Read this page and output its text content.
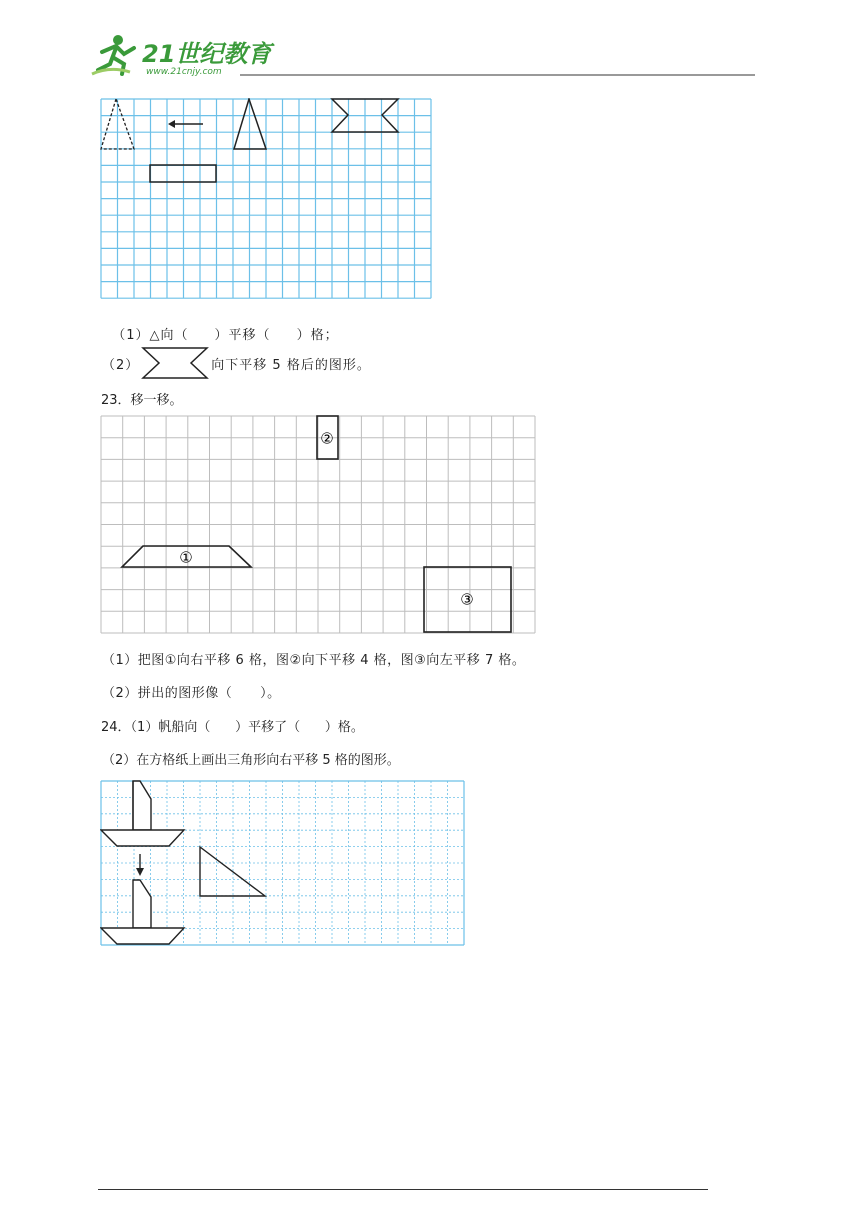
21世纪教育
www.21cnjy.com

（1）△向（ ）平移（ ）格；

（2）	向下平移 5 格后的图形。
23．移一移。
②
①
③
（1）把图①向右平移 6 格，图②向下平移 4 格，图③向左平移 7 格。
（2）拼出的图形像（      ）。
24．（1）帆船向（      ）平移了（      ）格。
（2）在方格纸上画出三角形向右平移 5 格的图形。
